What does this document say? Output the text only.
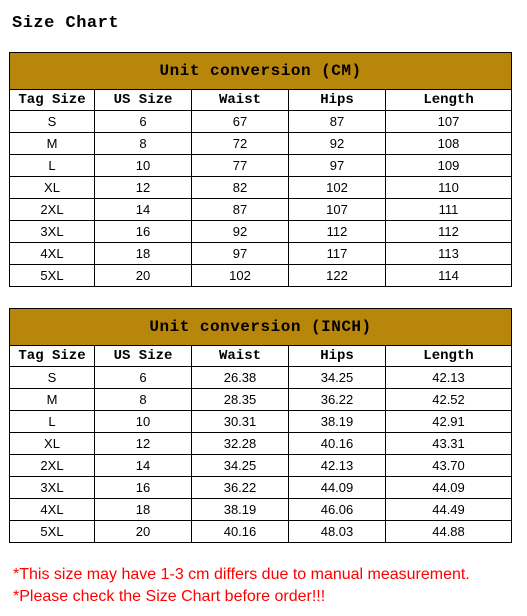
Size Chart
Unit conversion (CM)				
Tag Size	US Size	Waist	Hips	Length
S	6	67	87	107
M	8	72	92	108
L	10	77	97	109
XL	12	82	102	110
2XL	14	87	107	111
3XL	16	92	112	112
4XL	18	97	117	113
5XL	20	102	122	114
Unit conversion (INCH)				
Tag Size	US Size	Waist	Hips	Length
S	6	26.38	34.25	42.13
M	8	28.35	36.22	42.52
L	10	30.31	38.19	42.91
XL	12	32.28	40.16	43.31
2XL	14	34.25	42.13	43.70
3XL	16	36.22	44.09	44.09
4XL	18	38.19	46.06	44.49
5XL	20	40.16	48.03	44.88
*This size may have 1-3 cm differs due to manual measurement.
*Please check the Size Chart before order!!!
